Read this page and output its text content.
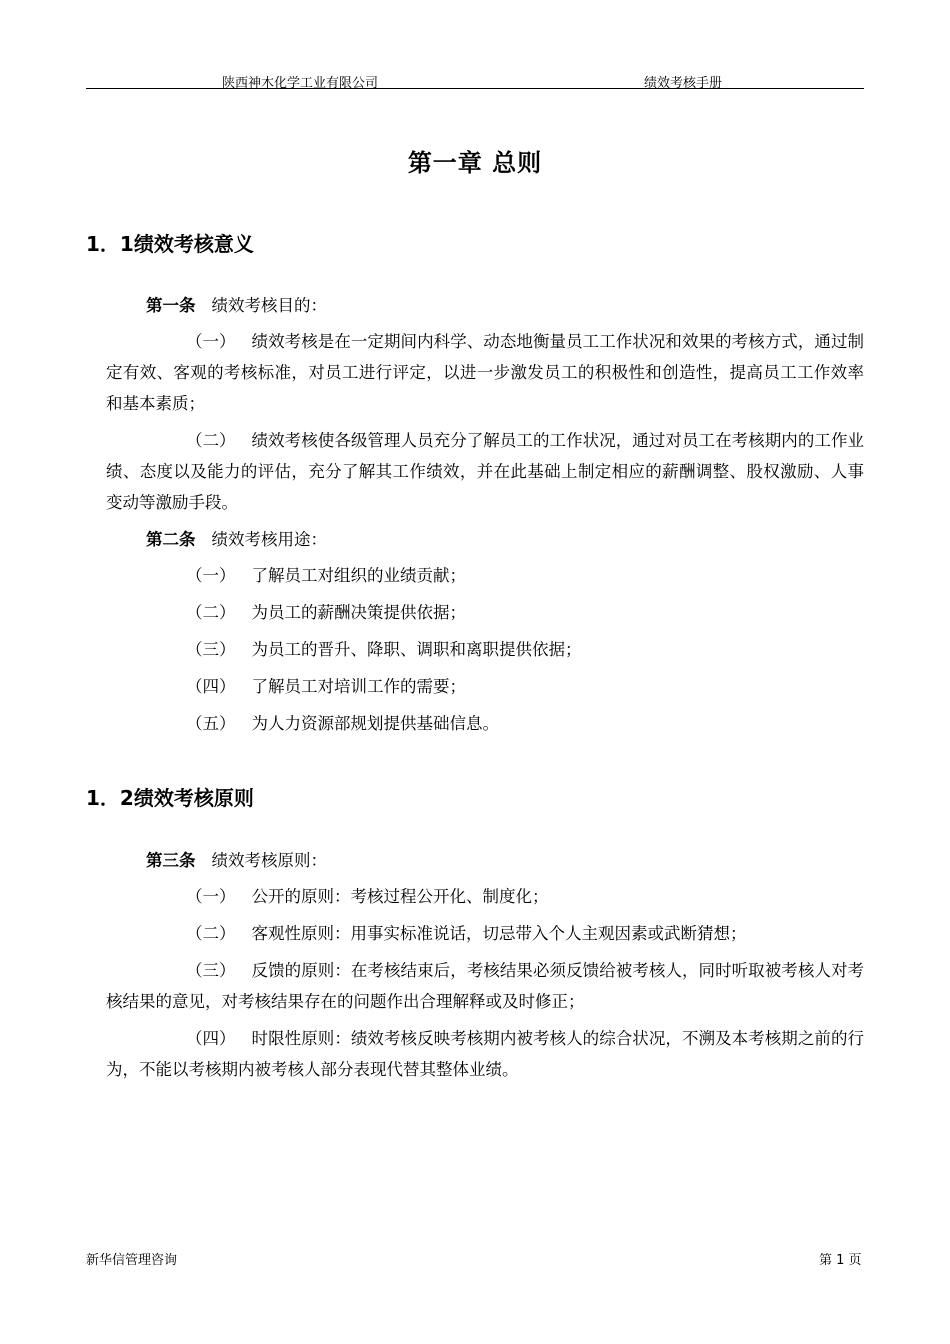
陕西神木化学工业有限公司	绩效考核手册
第一章 总则
1．1绩效考核意义

第一条 绩效考核目的：

（一） 绩效考核是在一定期间内科学、动态地衡量员工工作状况和效果的考核方式，通过制定有效、客观的考核标准，对员工进行评定，以进一步激发员工的积极性和创造性，提高员工工作效率和基本素质；

（二） 绩效考核使各级管理人员充分了解员工的工作状况，通过对员工在考核期内的工作业绩、态度以及能力的评估，充分了解其工作绩效，并在此基础上制定相应的薪酬调整、股权激励、人事变动等激励手段。

第二条 绩效考核用途：

（一） 了解员工对组织的业绩贡献；

（二） 为员工的薪酬决策提供依据；

（三） 为员工的晋升、降职、调职和离职提供依据；

（四） 了解员工对培训工作的需要；

（五） 为人力资源部规划提供基础信息。

1．2绩效考核原则

第三条 绩效考核原则：

（一） 公开的原则：考核过程公开化、制度化；

（二） 客观性原则：用事实标准说话，切忌带入个人主观因素或武断猜想；

（三） 反馈的原则：在考核结束后，考核结果必须反馈给被考核人，同时听取被考核人对考核结果的意见，对考核结果存在的问题作出合理解释或及时修正；

（四） 时限性原则：绩效考核反映考核期内被考核人的综合状况，不溯及本考核期之前的行为，不能以考核期内被考核人部分表现代替其整体业绩。

新华信管理咨询	第 1 页
